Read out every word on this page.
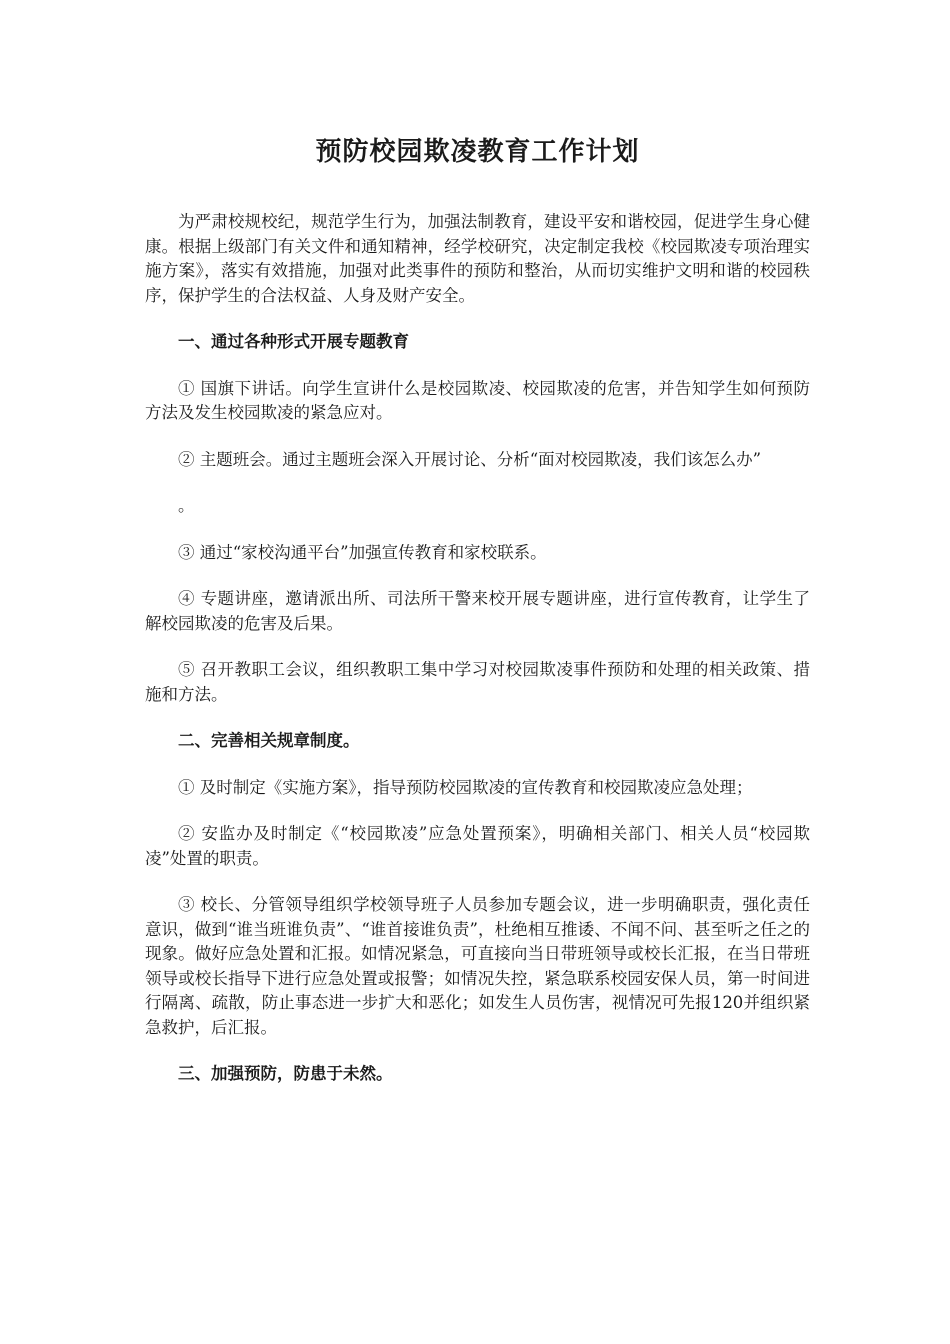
预防校园欺凌教育工作计划

为严肃校规校纪，规范学生行为，加强法制教育，建设平安和谐校园，促进学生身心健康。根据上级部门有关文件和通知精神，经学校研究，决定制定我校《校园欺凌专项治理实施方案》，落实有效措施，加强对此类事件的预防和整治，从而切实维护文明和谐的校园秩序，保护学生的合法权益、人身及财产安全。

一、通过各种形式开展专题教育

① 国旗下讲话。向学生宣讲什么是校园欺凌、校园欺凌的危害，并告知学生如何预防方法及发生校园欺凌的紧急应对。

② 主题班会。通过主题班会深入开展讨论、分析“面对校园欺凌，我们该怎么办”

。

③ 通过“家校沟通平台”加强宣传教育和家校联系。

④ 专题讲座，邀请派出所、司法所干警来校开展专题讲座，进行宣传教育，让学生了解校园欺凌的危害及后果。

⑤ 召开教职工会议，组织教职工集中学习对校园欺凌事件预防和处理的相关政策、措施和方法。

二、完善相关规章制度。

① 及时制定《实施方案》，指导预防校园欺凌的宣传教育和校园欺凌应急处理；

② 安监办及时制定《“校园欺凌”应急处置预案》，明确相关部门、相关人员“校园欺凌”处置的职责。

③ 校长、分管领导组织学校领导班子人员参加专题会议，进一步明确职责，强化责任意识，做到“谁当班谁负责”、“谁首接谁负责”，杜绝相互推诿、不闻不问、甚至听之任之的现象。做好应急处置和汇报。如情况紧急，可直接向当日带班领导或校长汇报，在当日带班领导或校长指导下进行应急处置或报警；如情况失控，紧急联系校园安保人员，第一时间进行隔离、疏散，防止事态进一步扩大和恶化；如发生人员伤害，视情况可先报120并组织紧急救护，后汇报。

三、加强预防，防患于未然。
